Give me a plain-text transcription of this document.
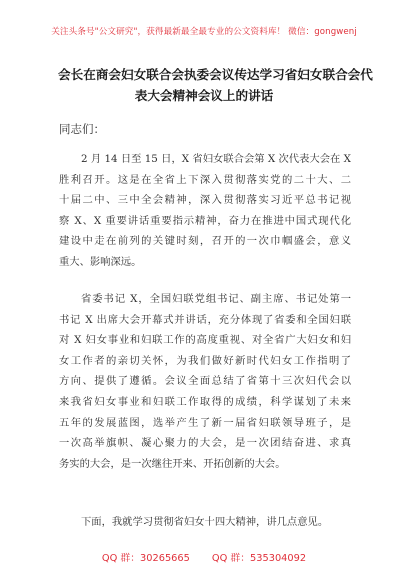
关注头条号"公文研究"，获得最新最全最专业的公文资料库！ 微信：gongwenj
会长在商会妇女联合会执委会议传达学习省妇女联合会代
表大会精神会议上的讲话
同志们：
2 月 14 日至 15 日，X 省妇女联合会第 X 次代表大会在 X
胜利召开。这是在全省上下深入贯彻落实党的二十大、二
十届二中、三中全会精神，深入贯彻落实习近平总书记视
察 X、X 重要讲话重要指示精神，奋力在推进中国式现代化
建设中走在前列的关键时刻，召开的一次巾帼盛会，意义
重大、影响深远。
省委书记 X，全国妇联党组书记、副主席、书记处第一
书记 X 出席大会开幕式并讲话，充分体现了省委和全国妇联
对 X 妇女事业和妇联工作的高度重视、对全省广大妇女和妇
女工作者的亲切关怀，为我们做好新时代妇女工作指明了
方向、提供了遵循。会议全面总结了省第十三次妇代会以
来我省妇女事业和妇联工作取得的成绩，科学谋划了未来
五年的发展蓝图，选举产生了新一届省妇联领导班子，是
一次高举旗帜、凝心聚力的大会，是一次团结奋进、求真
务实的大会，是一次继往开来、开拓创新的大会。
下面，我就学习贯彻省妇女十四大精神，讲几点意见。
QQ 群：30265665 QQ 群：535304092
